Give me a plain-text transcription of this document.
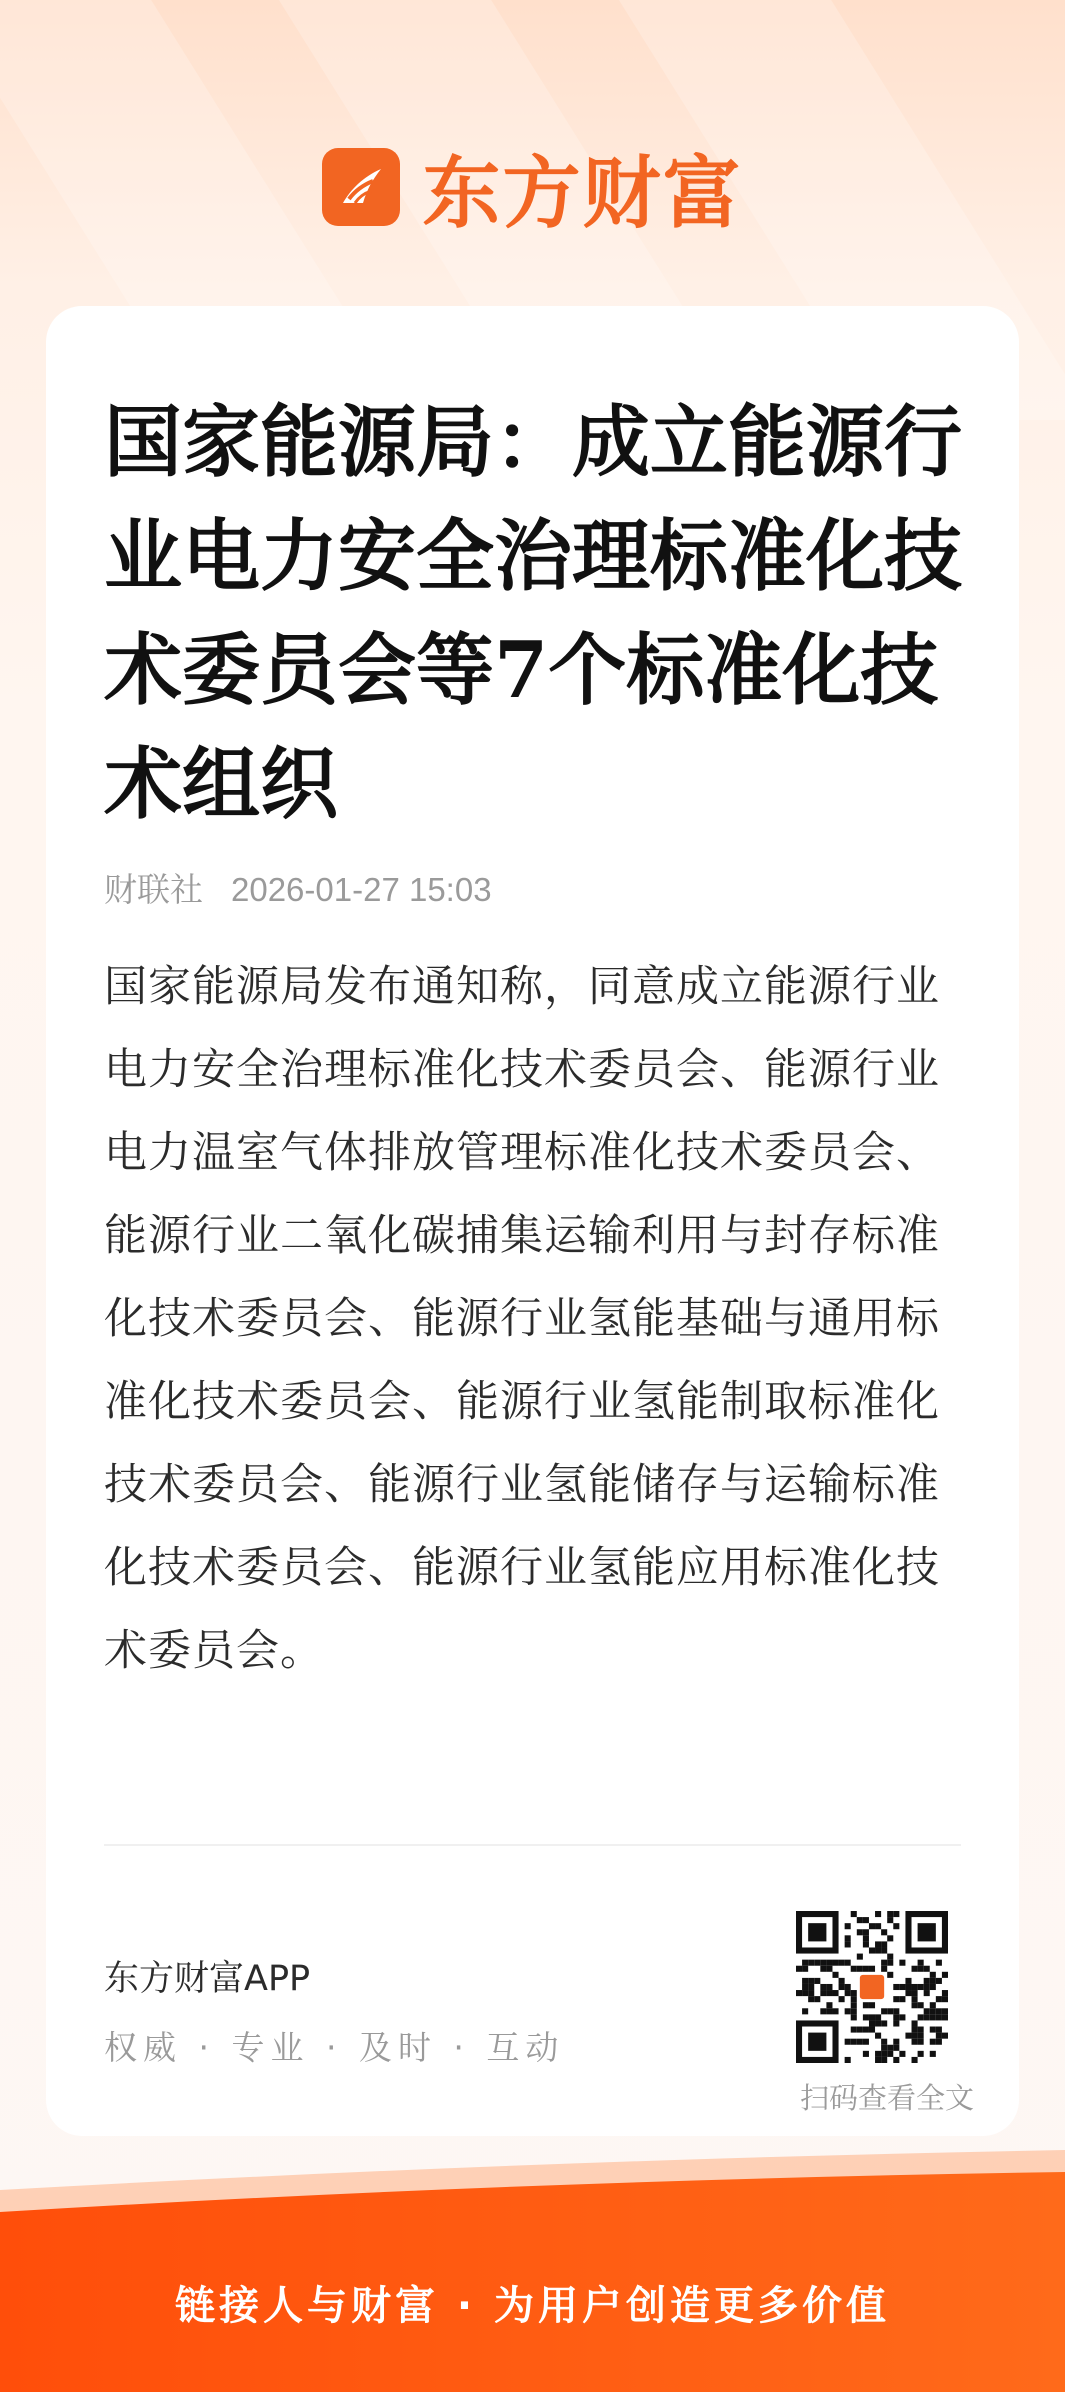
东方财富
国家能源局：成立能源行业电力安全治理标准化技术委员会等7个标准化技术组织
财联社 2026-01-27 15:03

国家能源局发布通知称，同意成立能源行业电力安全治理标准化技术委员会、能源行业电力温室气体排放管理标准化技术委员会、能源行业二氧化碳捕集运输利用与封存标准化技术委员会、能源行业氢能基础与通用标准化技术委员会、能源行业氢能制取标准化技术委员会、能源行业氢能储存与运输标准化技术委员会、能源行业氢能应用标准化技术委员会。

东方财富APP
权威 · 专业 · 及时 · 互动
扫码查看全文
链接人与财富 · 为用户创造更多价值
